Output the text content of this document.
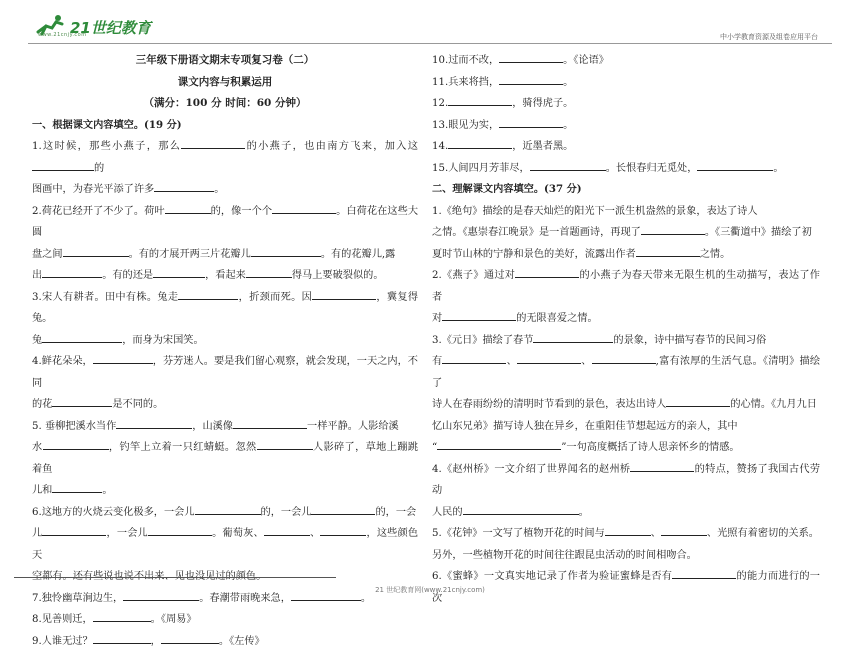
21世纪教育
www.21cnjy.com	中小学教育资源及组卷应用平台
三年级下册语文期末专项复习卷（二）
课文内容与积累运用
（满分：100 分 时间：60 分钟）
一、根据课文内容填空。(19 分)

1.这时候，那些小燕子，那么	的小燕子，也由南方飞来，加入这的
图画中，为春光平添了许多	。

2.荷花已经开了不少了。荷叶	的，像一个个	。白荷花在这些大圆
盘之间	。有的才展开两三片花瓣儿	。有的花瓣儿,露
出	。有的还是	，看起来	得马上要破裂似的。

3.宋人有耕者。田中有株。兔走	，折颈而死。因	，冀复得兔。
兔	，而身为宋国笑。

4.鲜花朵朵，	，芬芳迷人。要是我们留心观察，就会发现，一天之内，不同
的花	是不同的。

5. 垂柳把溪水当作	，山溪像	一样平静。人影给溪
水	，钓竿上立着一只红蜻蜓。忽然	人影碎了，草地上蹦跳着鱼
儿和	。

6.这地方的火烧云变化极多，一会儿	的，一会儿	的，一会
儿	，一会儿	。葡萄灰、	、	，这些颜色天
空都有。还有些说也说不出来、见也没见过的颜色。

7.独怜幽草涧边生，	。春潮带雨晚来急，	。

8.见善则迁，	。《周易》

9.人谁无过？	，	。《左传》

10.过而不改，	。《论语》

11.兵来将挡，	。

12.	，骑得虎子。

13.眼见为实，	。

14.	，近墨者黑。

15.人间四月芳菲尽，	。长恨春归无觅处，	。

二、理解课文内容填空。(37 分)

1.《绝句》描绘的是春天灿烂的阳光下一派生机盎然的景象，表达了诗人
之情。《惠崇春江晚景》是一首题画诗，再现了	。《三衢道中》描绘了初
夏时节山林的宁静和景色的美好，流露出作者	之情。

2.《燕子》通过对	的小燕子为春天带来无限生机的生动描写，表达了作者
对	的无限喜爱之情。

3.《元日》描绘了春节	的景象，诗中描写春节的民间习俗
有	、	、	,富有浓厚的生活气息。《清明》描绘了
诗人在春雨纷纷的清明时节看到的景色，表达出诗人	的心情。《九月九日
忆山东兄弟》描写诗人独在异乡，在重阳佳节想起远方的亲人，其中
“	”一句高度概括了诗人思亲怀乡的情感。

4.《赵州桥》一文介绍了世界闻名的赵州桥	的特点，赞扬了我国古代劳动
人民的	。

5.《花钟》一文写了植物开花的时间与	、	、光照有着密切的关系。
另外，一些植物开花的时间往往跟昆虫活动的时间相吻合。

6.《蜜蜂》一文真实地记录了作者为验证蜜蜂是否有	的能力而进行的一次

21 世纪教育网(www.21cnjy.com)
